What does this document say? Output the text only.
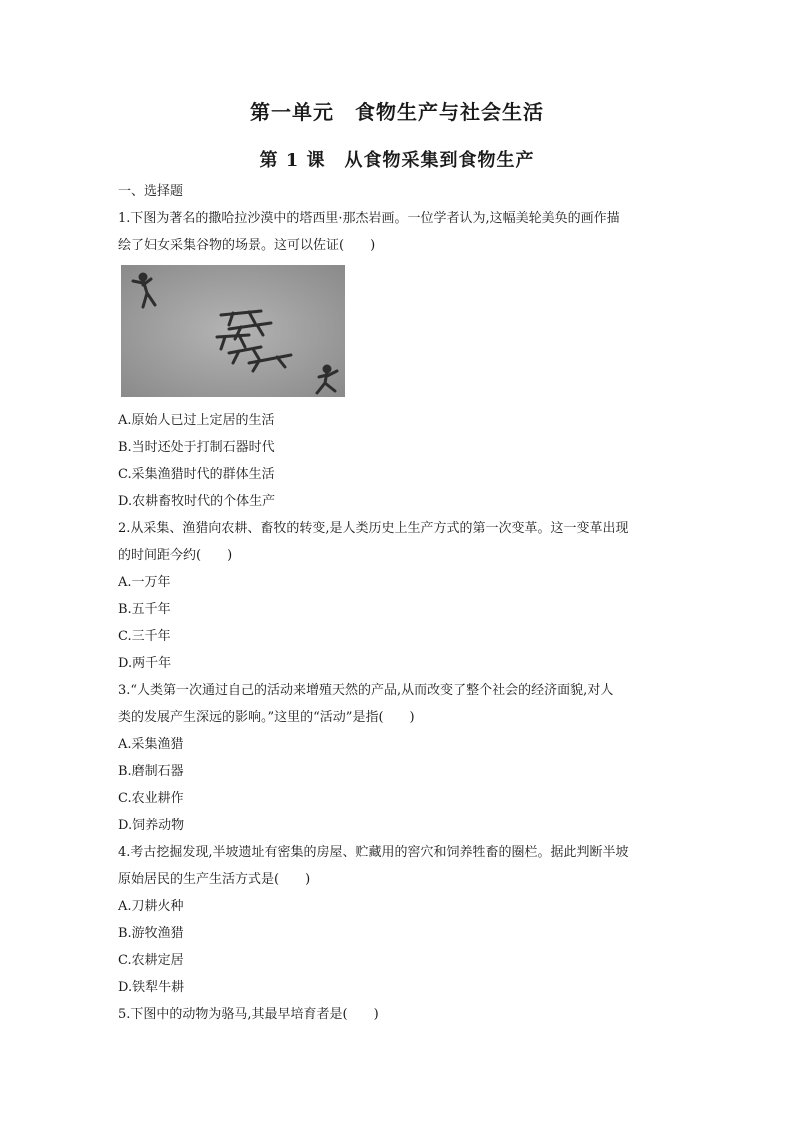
第一单元　食物生产与社会生活
第 1 课　从食物采集到食物生产
一、选择题

1.下图为著名的撒哈拉沙漠中的塔西里·那杰岩画。一位学者认为,这幅美轮美奂的画作描

绘了妇女采集谷物的场景。这可以佐证(　　)

A.原始人已过上定居的生活

B.当时还处于打制石器时代

C.采集渔猎时代的群体生活

D.农耕畜牧时代的个体生产

2.从采集、渔猎向农耕、畜牧的转变,是人类历史上生产方式的第一次变革。这一变革出现

的时间距今约(　　)

A.一万年

B.五千年

C.三千年

D.两千年

3.“人类第一次通过自己的活动来增殖天然的产品,从而改变了整个社会的经济面貌,对人

类的发展产生深远的影响。”这里的“活动”是指(　　)

A.采集渔猎

B.磨制石器

C.农业耕作

D.饲养动物

4.考古挖掘发现,半坡遗址有密集的房屋、贮藏用的窖穴和饲养牲畜的圈栏。据此判断半坡

原始居民的生产生活方式是(　　)

A.刀耕火种

B.游牧渔猎

C.农耕定居

D.铁犁牛耕

5.下图中的动物为骆马,其最早培育者是(　　)
